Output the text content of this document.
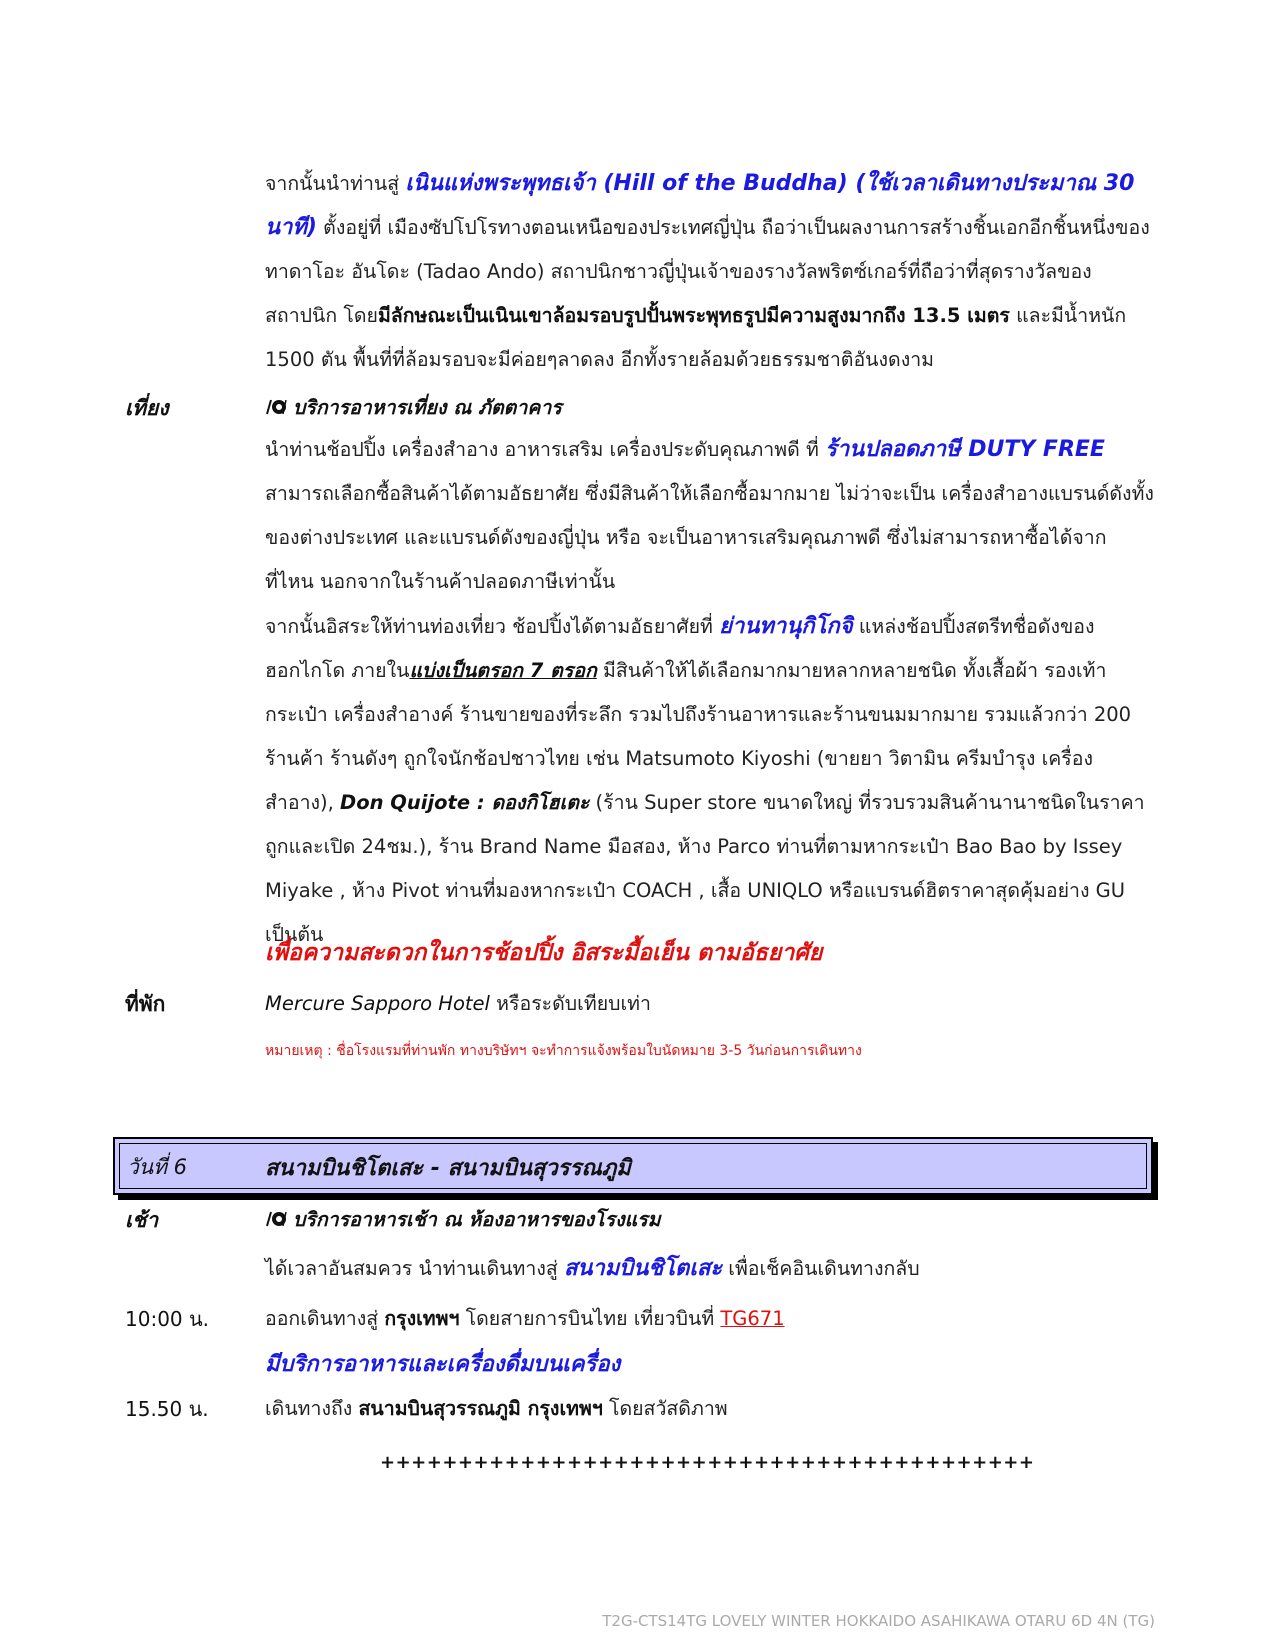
จากนั้นนำท่านสู่ เนินแห่งพระพุทธเจ้า (Hill of the Buddha) (ใช้เวลาเดินทางประมาณ 30 นาที) ตั้งอยู่ที่ เมืองซัปโปโรทางตอนเหนือของประเทศญี่ปุ่น ถือว่าเป็นผลงานการสร้างชิ้นเอกอีกชิ้นหนึ่งของทาดาโอะ อันโดะ (Tadao Ando) สถาปนิกชาวญี่ปุ่นเจ้าของรางวัลพริตซ์เกอร์ที่ถือว่าที่สุดรางวัลของสถาปนิก โดยมีลักษณะเป็นเนินเขาล้อมรอบรูปปั้นพระพุทธรูปมีความสูงมากถึง 13.5 เมตร และมีน้ำหนัก 1500 ตัน พื้นที่ที่ล้อมรอบจะมีค่อยๆลาดลง อีกทั้งรายล้อมด้วยธรรมชาติอันงดงาม

เที่ยง	บริการอาหารเที่ยง ณ ภัตตาคาร

นำท่านช้อปปิ้ง เครื่องสำอาง อาหารเสริม เครื่องประดับคุณภาพดี ที่ ร้านปลอดภาษี DUTY FREE สามารถเลือกซื้อสินค้าได้ตามอัธยาศัย ซึ่งมีสินค้าให้เลือกซื้อมากมาย ไม่ว่าจะเป็น เครื่องสำอางแบรนด์ดังทั้งของต่างประเทศ และแบรนด์ดังของญี่ปุ่น หรือ จะเป็นอาหารเสริมคุณภาพดี ซึ่งไม่สามารถหาซื้อได้จากที่ไหน นอกจากในร้านค้าปลอดภาษีเท่านั้น

จากนั้นอิสระให้ท่านท่องเที่ยว ช้อปปิ้งได้ตามอัธยาศัยที่ ย่านทานุกิโกจิ แหล่งช้อปปิ้งสตรีทชื่อดังของฮอกไกโด ภายในแบ่งเป็นตรอก 7 ตรอก มีสินค้าให้ได้เลือกมากมายหลากหลายชนิด ทั้งเสื้อผ้า รองเท้า กระเป๋า เครื่องสำอางค์ ร้านขายของที่ระลึก รวมไปถึงร้านอาหารและร้านขนมมากมาย รวมแล้วกว่า 200 ร้านค้า ร้านดังๆ ถูกใจนักช้อปชาวไทย เช่น Matsumoto Kiyoshi (ขายยา วิตามิน ครีมบำรุง เครื่องสำอาง), Don Quijote : ดองกิโฮเตะ (ร้าน Super store ขนาดใหญ่ ที่รวบรวมสินค้านานาชนิดในราคาถูกและเปิด 24ชม.), ร้าน Brand Name มือสอง, ห้าง Parco ท่านที่ตามหากระเป๋า Bao Bao by Issey Miyake , ห้าง Pivot ท่านที่มองหากระเป๋า COACH , เสื้อ UNIQLO หรือแบรนด์ฮิตราคาสุดคุ้มอย่าง GU เป็นต้น

เพื่อความสะดวกในการช้อปปิ้ง อิสระมื้อเย็น ตามอัธยาศัย
ที่พัก	Mercure Sapporo Hotel หรือระดับเทียบเท่า
หมายเหตุ : ชื่อโรงแรมที่ท่านพัก ทางบริษัทฯ จะทำการแจ้งพร้อมใบนัดหมาย 3-5 วันก่อนการเดินทาง
วันที่ 6	สนามบินชิโตเสะ - สนามบินสุวรรณภูมิ
เช้า	บริการอาหารเช้า ณ ห้องอาหารของโรงแรม
ได้เวลาอันสมควร นำท่านเดินทางสู่ สนามบินชิโตเสะ เพื่อเช็คอินเดินทางกลับ
10:00 น.	ออกเดินทางสู่ กรุงเทพฯ โดยสายการบินไทย เที่ยวบินที่ TG671
มีบริการอาหารและเครื่องดื่มบนเครื่อง
15.50 น.	เดินทางถึง สนามบินสุวรรณภูมิ กรุงเทพฯ โดยสวัสดิภาพ
++++++++++++++++++++++++++++++++++++++++++
T2G-CTS14TG LOVELY WINTER HOKKAIDO ASAHIKAWA OTARU 6D 4N (TG)
